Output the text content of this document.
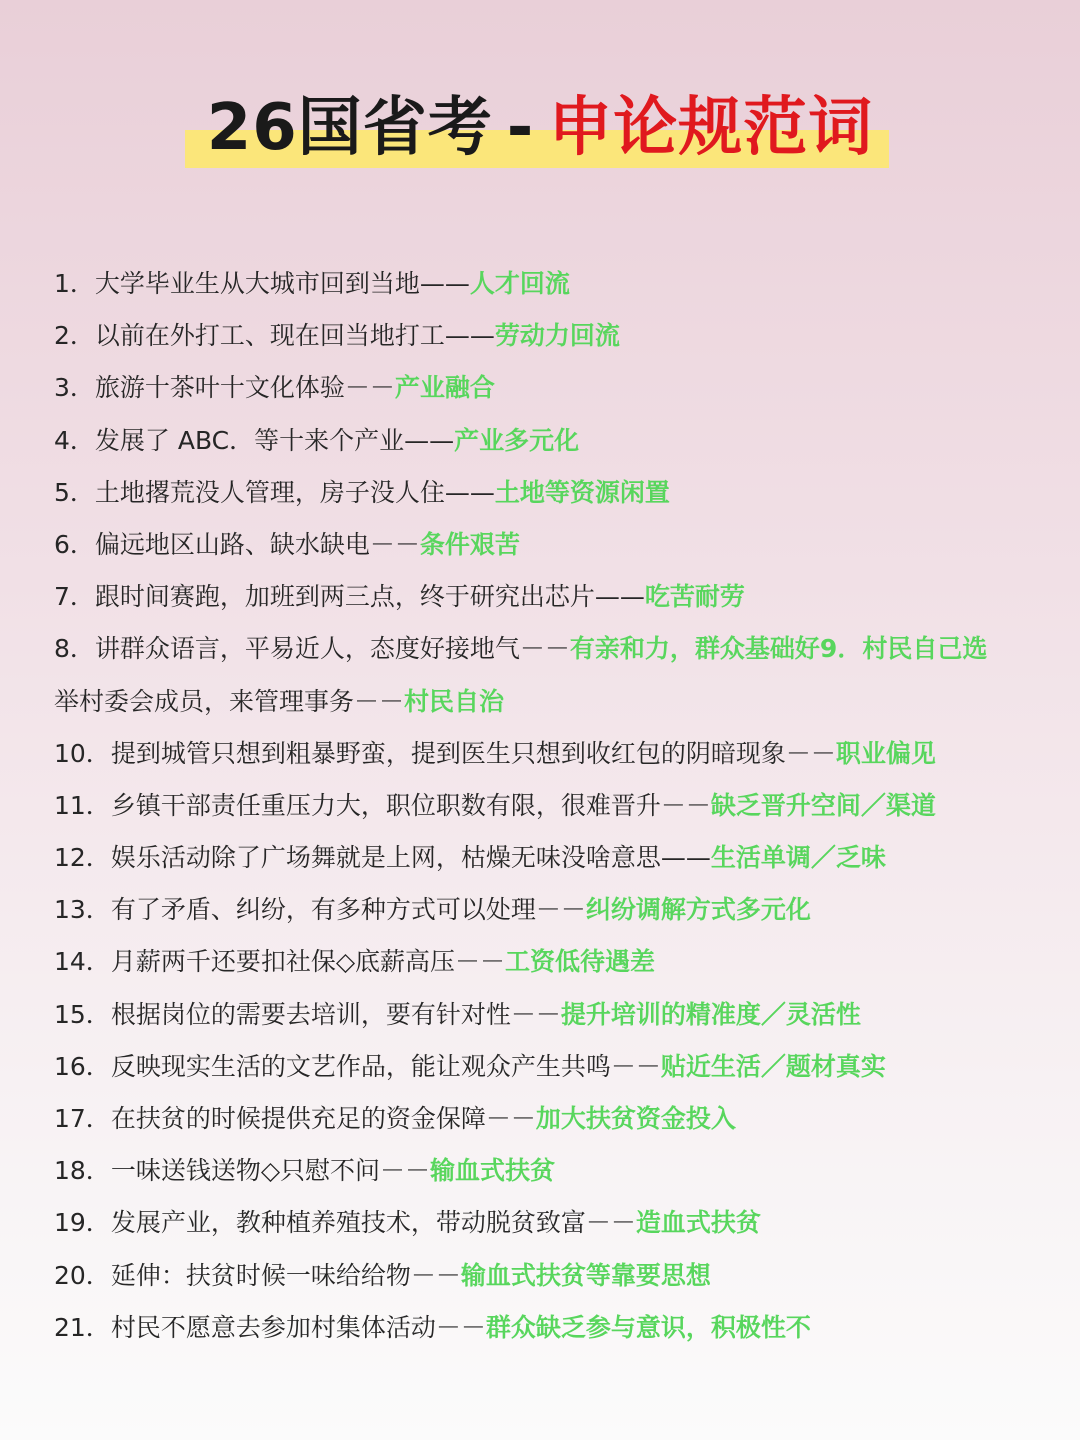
26国省考 - 申论规范词
1．大学毕业生从大城市回到当地——人才回流
2．以前在外打工、现在回当地打工——劳动力回流
3．旅游十茶叶十文化体验－－产业融合
4．发展了 ABC．等十来个产业——产业多元化
5．土地撂荒没人管理，房子没人住——土地等资源闲置
6．偏远地区山路、缺水缺电－－条件艰苦
7．跟时间赛跑，加班到两三点，终于研究出芯片——吃苦耐劳
8．讲群众语言，平易近人，态度好接地气－－有亲和力，群众基础好9．村民自己选
举村委会成员，来管理事务－－村民自治
10．提到城管只想到粗暴野蛮，提到医生只想到收红包的阴暗现象－－职业偏见
11．乡镇干部责任重压力大，职位职数有限，很难晋升－－缺乏晋升空间／渠道
12．娱乐活动除了广场舞就是上网，枯燥无味没啥意思——生活单调／乏味
13．有了矛盾、纠纷，有多种方式可以处理－－纠纷调解方式多元化
14．月薪两千还要扣社保◇底薪高压－－工资低待遇差
15．根据岗位的需要去培训，要有针对性－－提升培训的精准度／灵活性
16．反映现实生活的文艺作品，能让观众产生共鸣－－贴近生活／题材真实
17．在扶贫的时候提供充足的资金保障－－加大扶贫资金投入
18．一味送钱送物◇只慰不问－－输血式扶贫
19．发展产业，教种植养殖技术，带动脱贫致富－－造血式扶贫
20．延伸：扶贫时候一味给给物－－输血式扶贫等靠要思想
21．村民不愿意去参加村集体活动－－群众缺乏参与意识，积极性不
